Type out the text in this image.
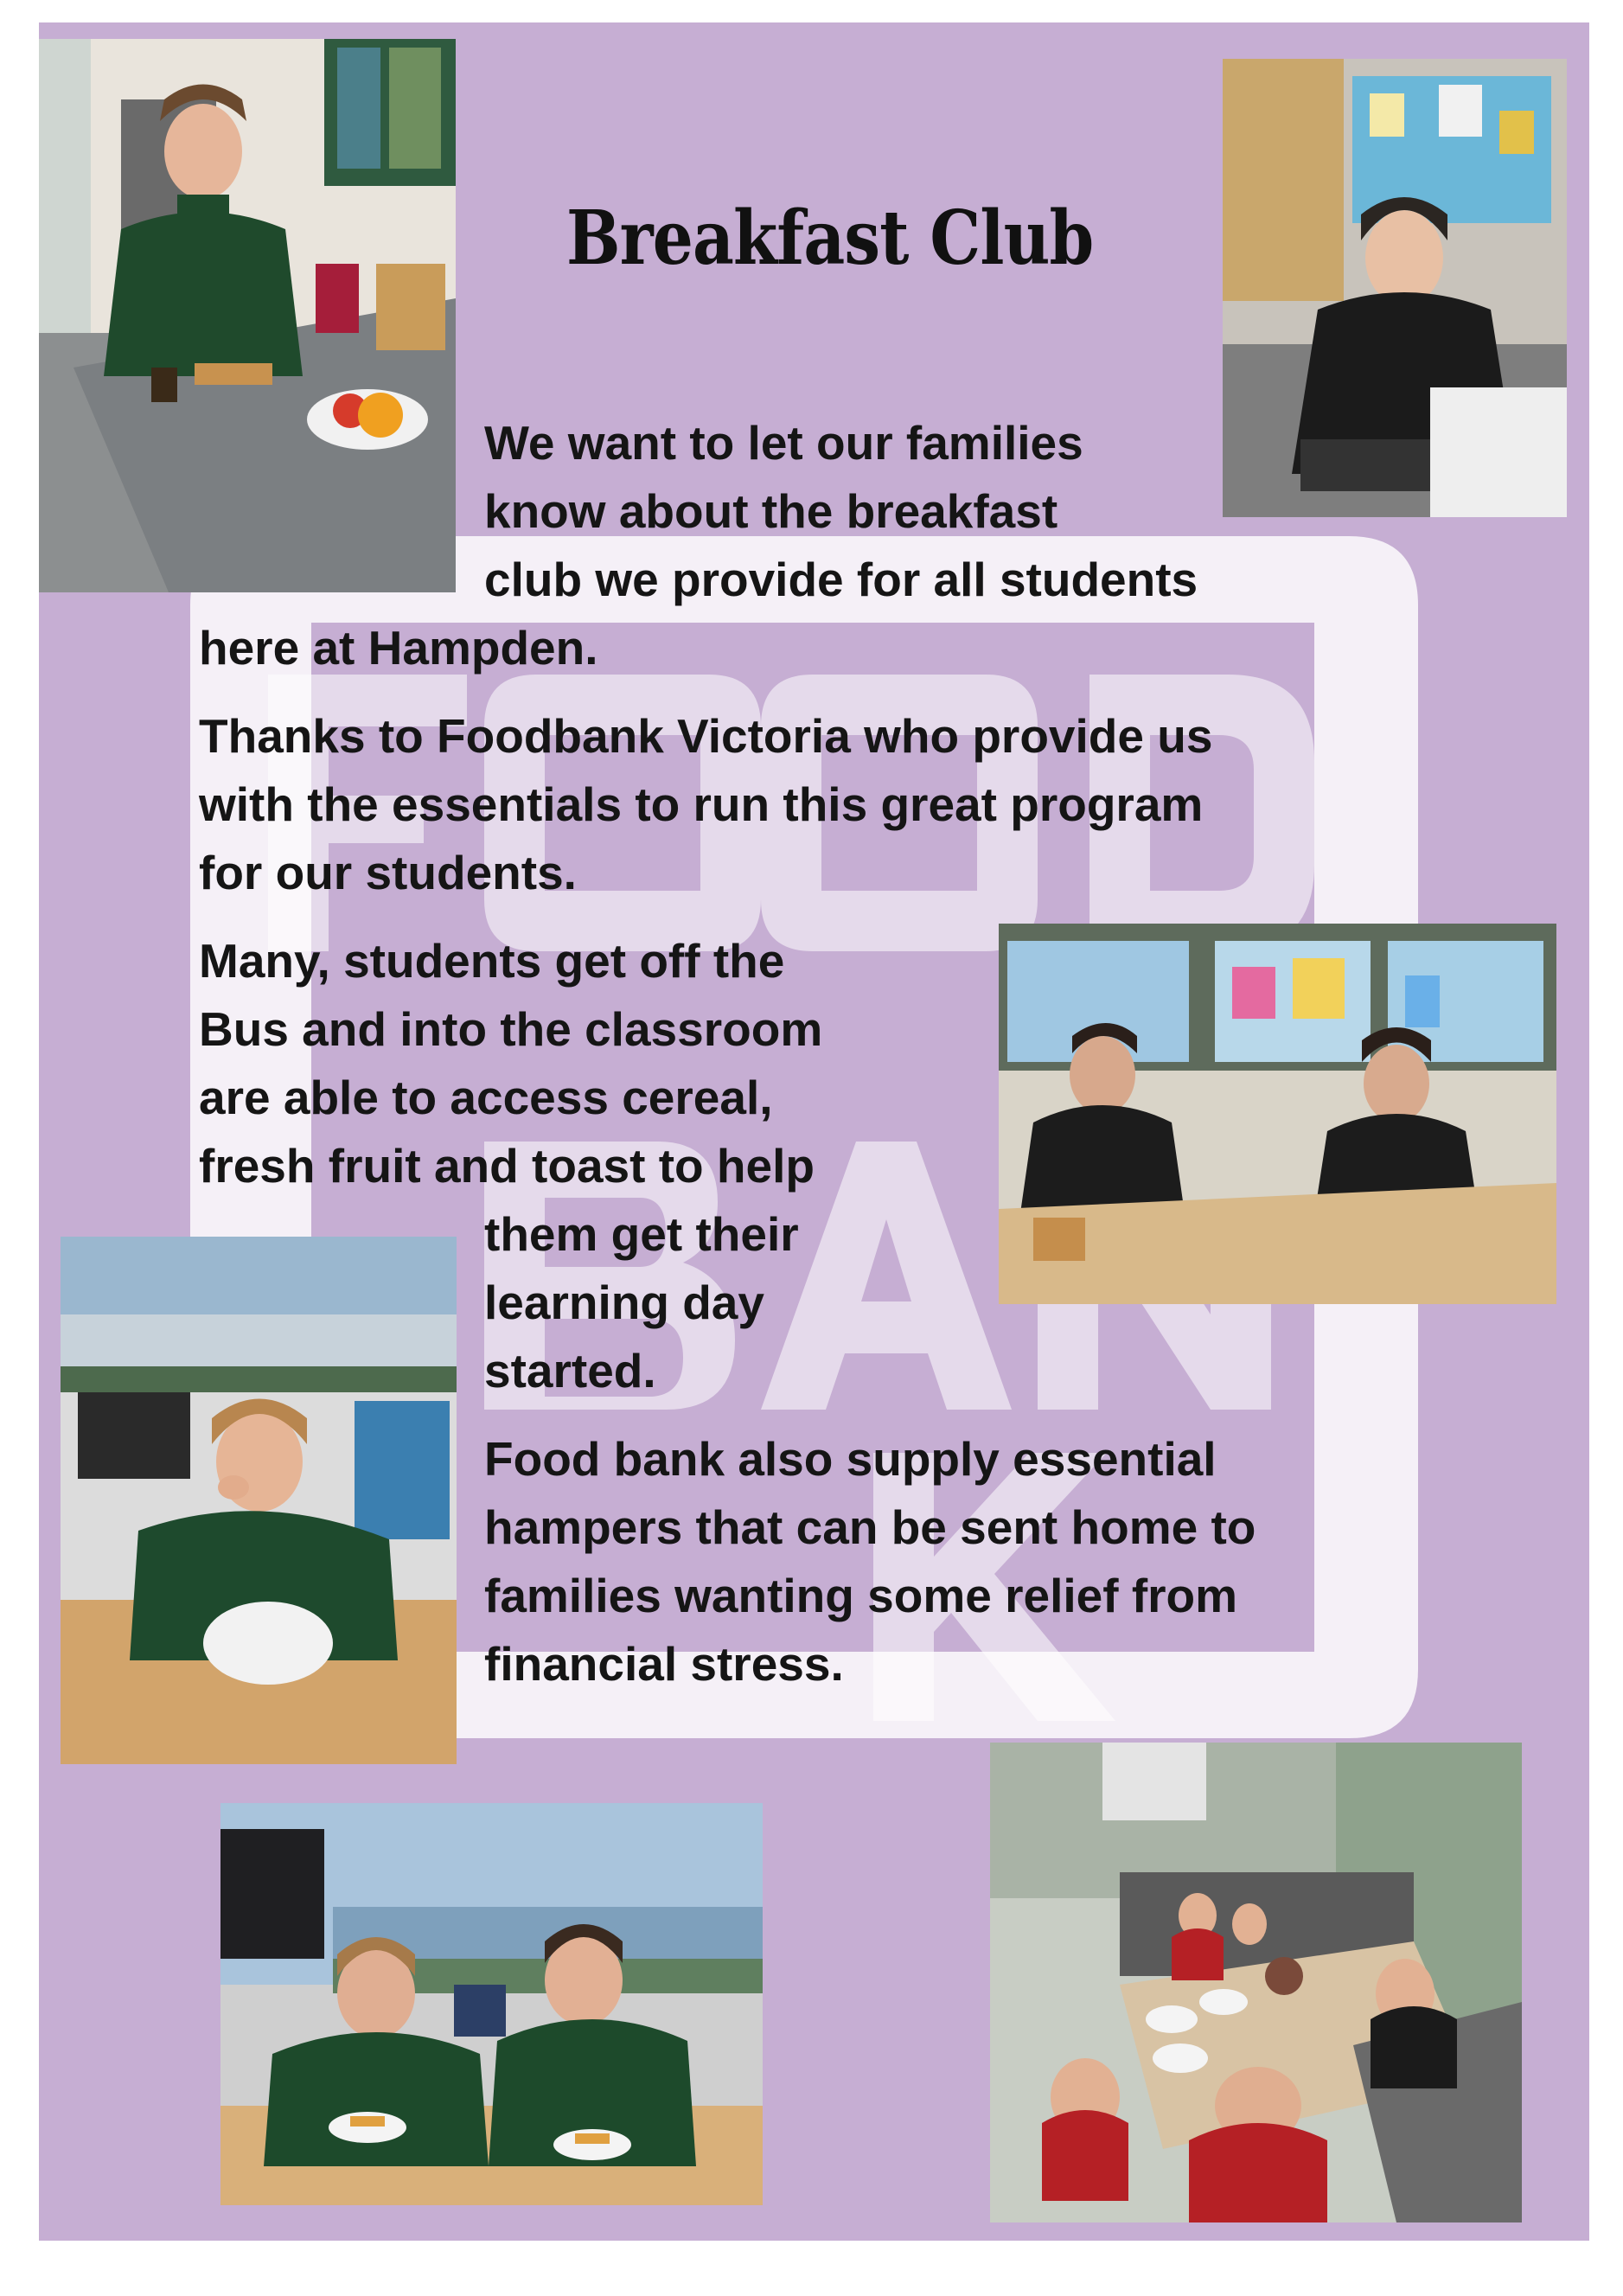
Breakfast Club

We want to let our families

know about the breakfast

club we provide for all students

here at Hampden.

Thanks to Foodbank Victoria who provide us

with the essentials to run this great program

for our students.

Many, students get off the

Bus and into the classroom

are able to access cereal,

fresh fruit and toast to help

them get their

learning day

started.

Food bank also supply essential

hampers that can be sent home to

families wanting some relief from

financial stress.
